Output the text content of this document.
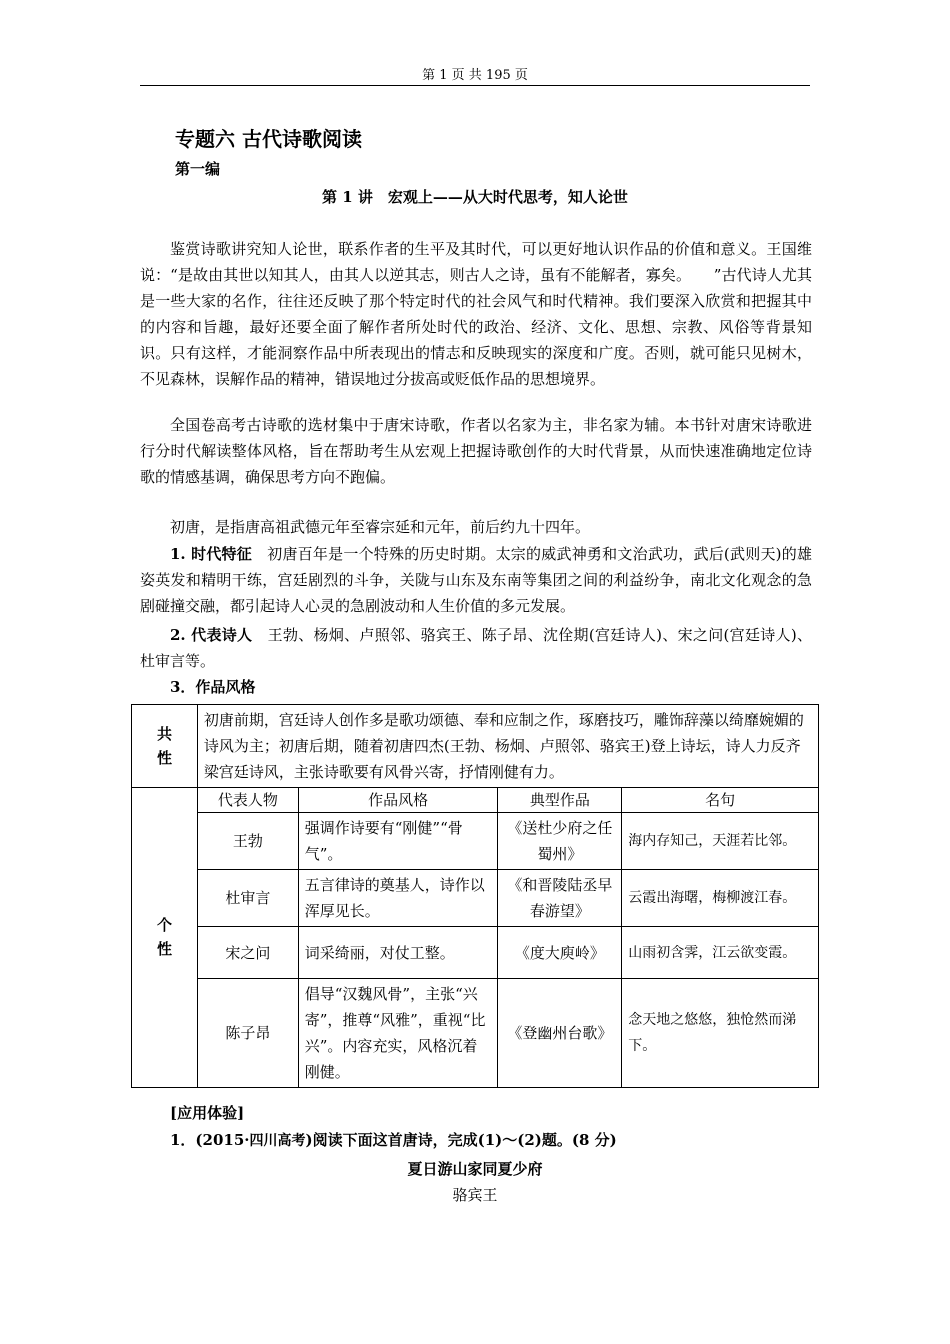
第 1 页 共 195 页
专题六 古代诗歌阅读
第一编
第 1 讲　宏观上——从大时代思考，知人论世

鉴赏诗歌讲究知人论世，联系作者的生平及其时代，可以更好地认识作品的价值和意义。王国维说：“是故由其世以知其人，由其人以逆其志，则古人之诗，虽有不能解者，寡矣。　　”古代诗人尤其是一些大家的名作，往往还反映了那个特定时代的社会风气和时代精神。我们要深入欣赏和把握其中的内容和旨趣，最好还要全面了解作者所处时代的政治、经济、文化、思想、宗教、风俗等背景知识。只有这样，才能洞察作品中所表现出的情志和反映现实的深度和广度。否则，就可能只见树木，不见森林，误解作品的精神，错误地过分拔高或贬低作品的思想境界。

全国卷高考古诗歌的选材集中于唐宋诗歌，作者以名家为主，非名家为辅。本书针对唐宋诗歌进行分时代解读整体风格，旨在帮助考生从宏观上把握诗歌创作的大时代背景，从而快速准确地定位诗歌的情感基调，确保思考方向不跑偏。

初唐，是指唐高祖武德元年至睿宗延和元年，前后约九十四年。

1. 时代特征　初唐百年是一个特殊的历史时期。太宗的威武神勇和文治武功，武后(武则天)的雄姿英发和精明干练，宫廷剧烈的斗争，关陇与山东及东南等集团之间的利益纷争，南北文化观念的急剧碰撞交融，都引起诗人心灵的急剧波动和人生价值的多元发展。

2. 代表诗人　王勃、杨炯、卢照邻、骆宾王、陈子昂、沈佺期(宫廷诗人)、宋之问(宫廷诗人)、杜审言等。

3．作品风格

共性	初唐前期，宫廷诗人创作多是歌功颂德、奉和应制之作，琢磨技巧，雕饰辞藻以绮靡婉媚的诗风为主；初唐后期，随着初唐四杰(王勃、杨炯、卢照邻、骆宾王)登上诗坛，诗人力反齐梁宫廷诗风，主张诗歌要有风骨兴寄，抒情刚健有力。			
个性	代表人物	作品风格	典型作品	名句
	王勃	强调作诗要有“刚健”“骨气”。	《送杜少府之任蜀州》	海内存知己，天涯若比邻。
	杜审言	五言律诗的奠基人，诗作以浑厚见长。	《和晋陵陆丞早春游望》	云霞出海曙，梅柳渡江春。
	宋之问	词采绮丽，对仗工整。	《度大庾岭》	山雨初含霁，江云欲变霞。
	陈子昂	倡导“汉魏风骨”，主张“兴寄”，推尊“风雅”，重视“比兴”。内容充实，风格沉着刚健。	《登幽州台歌》	念天地之悠悠，独怆然而涕下。

[应用体验]

1．(2015·四川高考)阅读下面这首唐诗，完成(1)～(2)题。(8 分)

夏日游山家同夏少府
骆宾王
